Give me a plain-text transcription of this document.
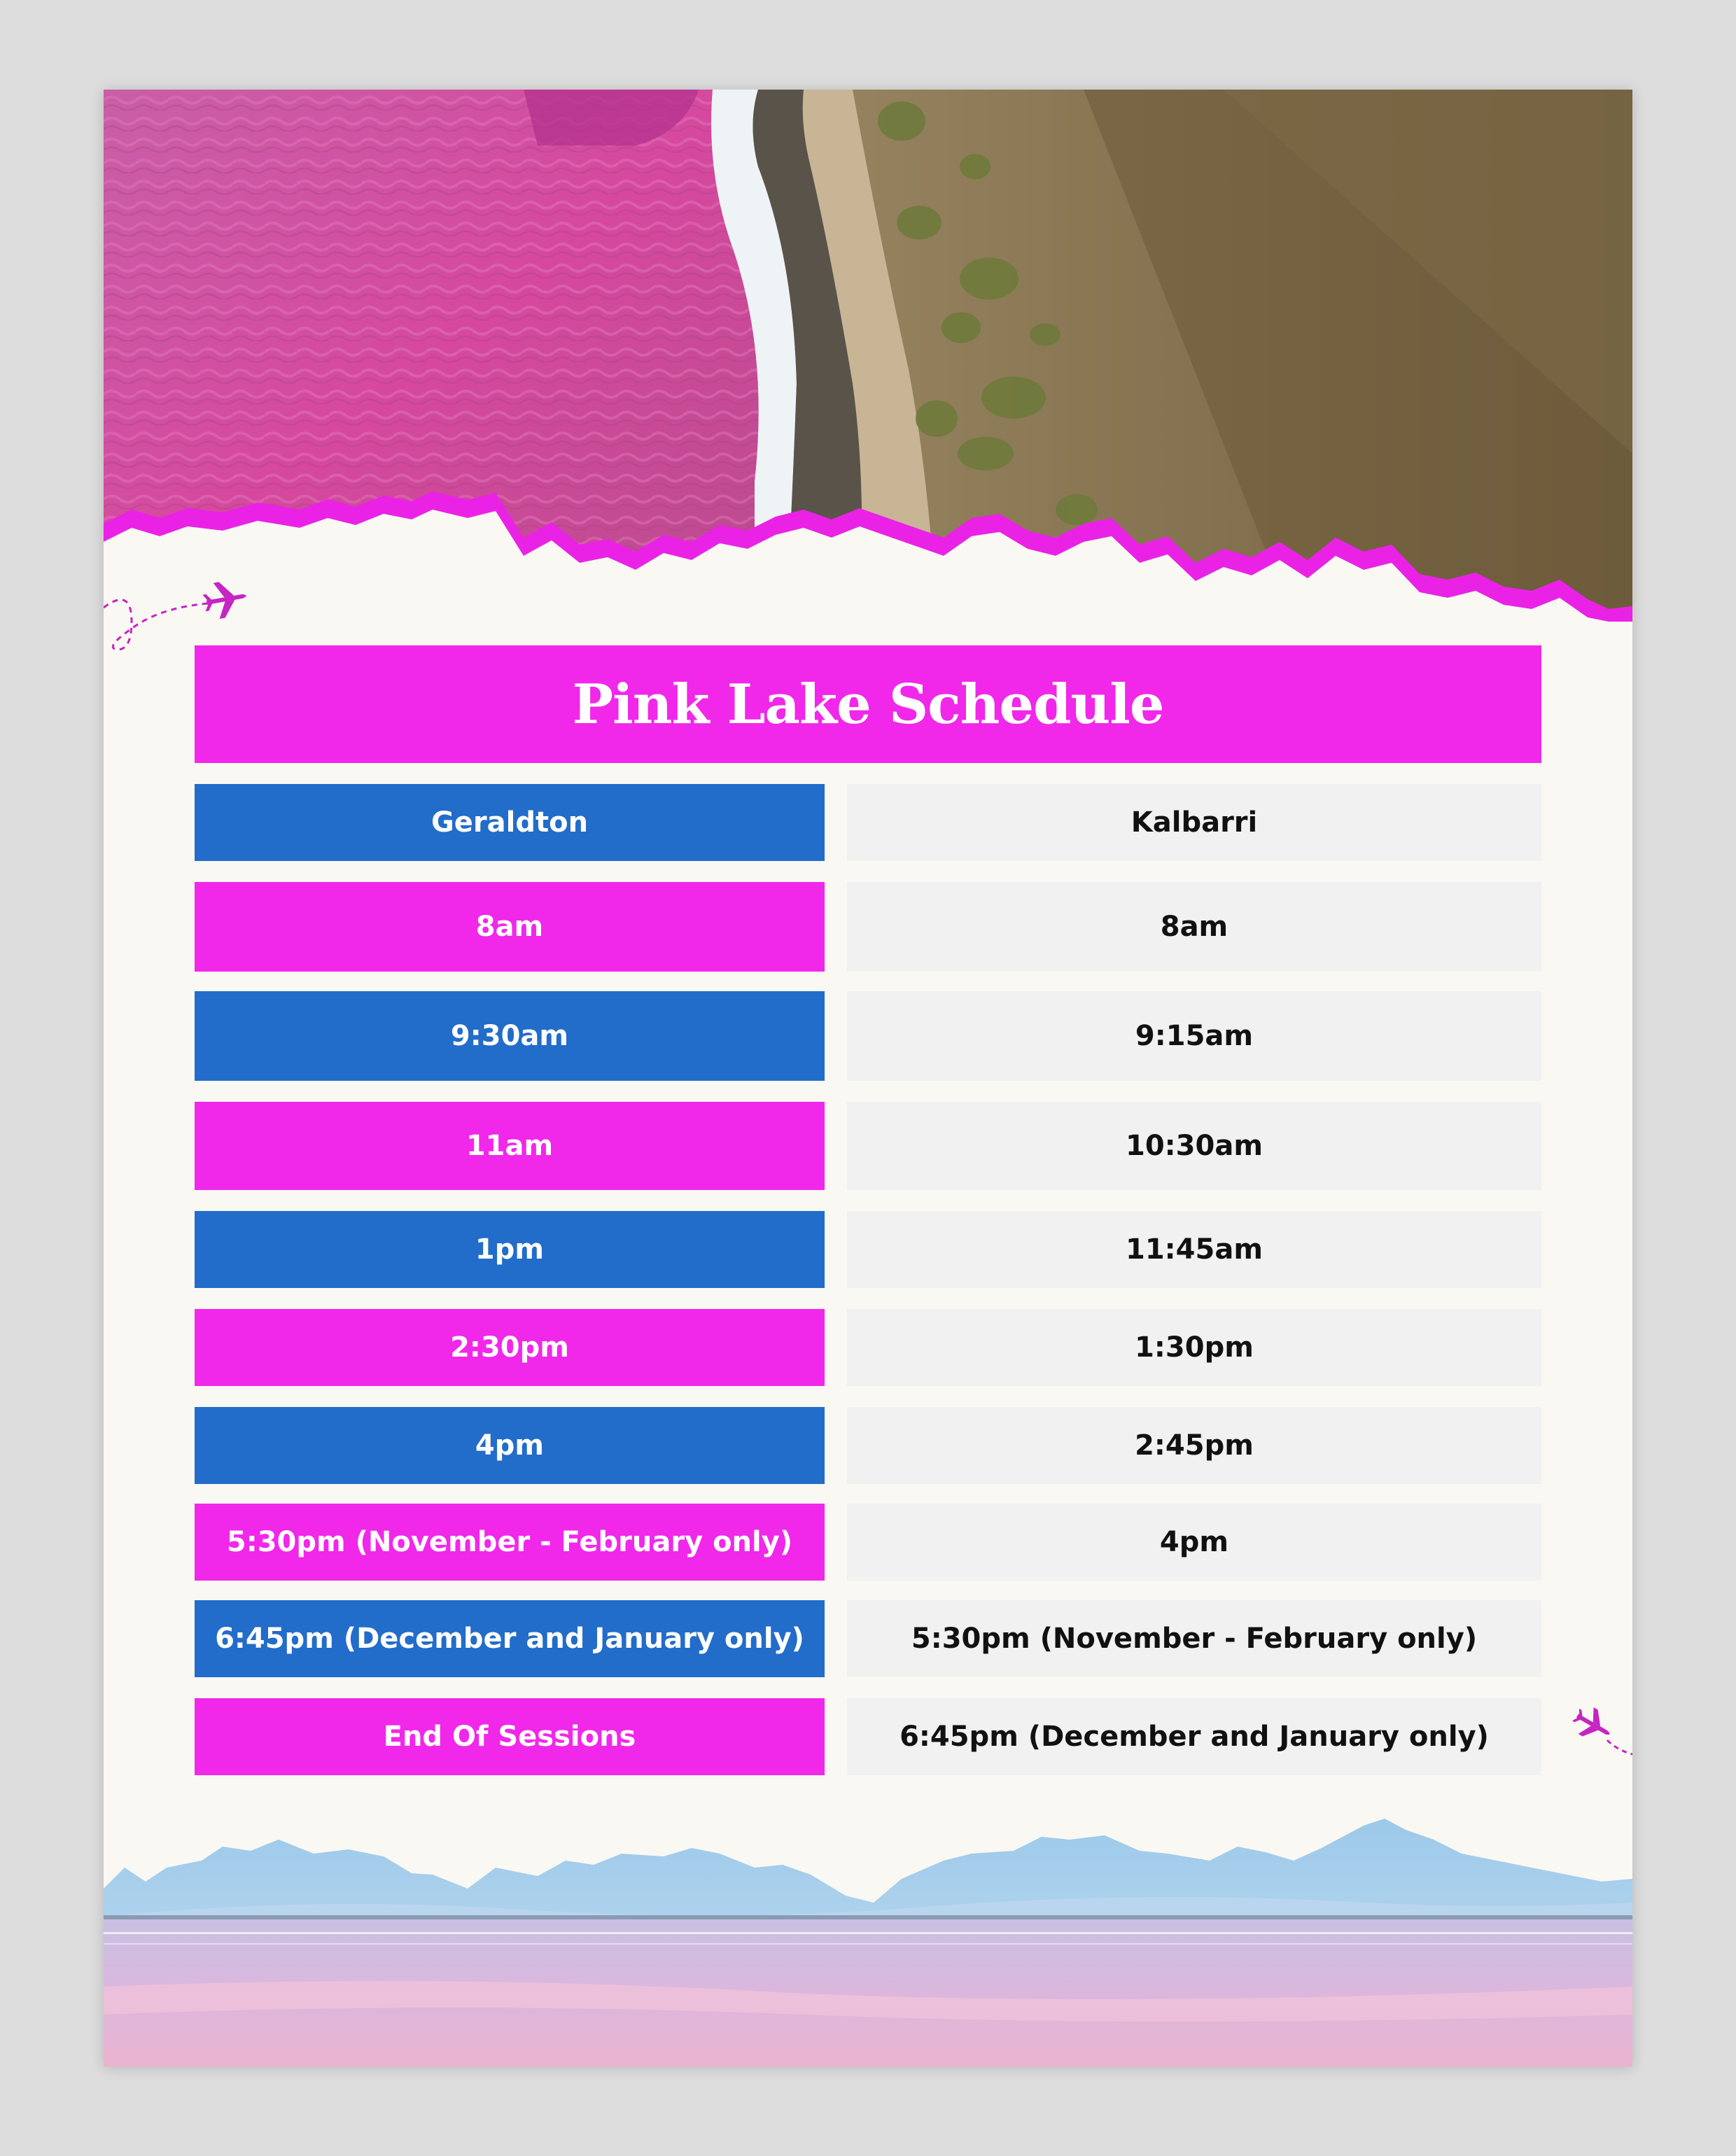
Pink Lake Schedule
Geraldton	Kalbarri
8am	8am
9:30am	9:15am
11am	10:30am
1pm	11:45am
2:30pm	1:30pm
4pm	2:45pm
5:30pm (November - February only)	4pm
6:45pm (December and January only)	5:30pm (November - February only)
End Of Sessions	6:45pm (December and January only)
